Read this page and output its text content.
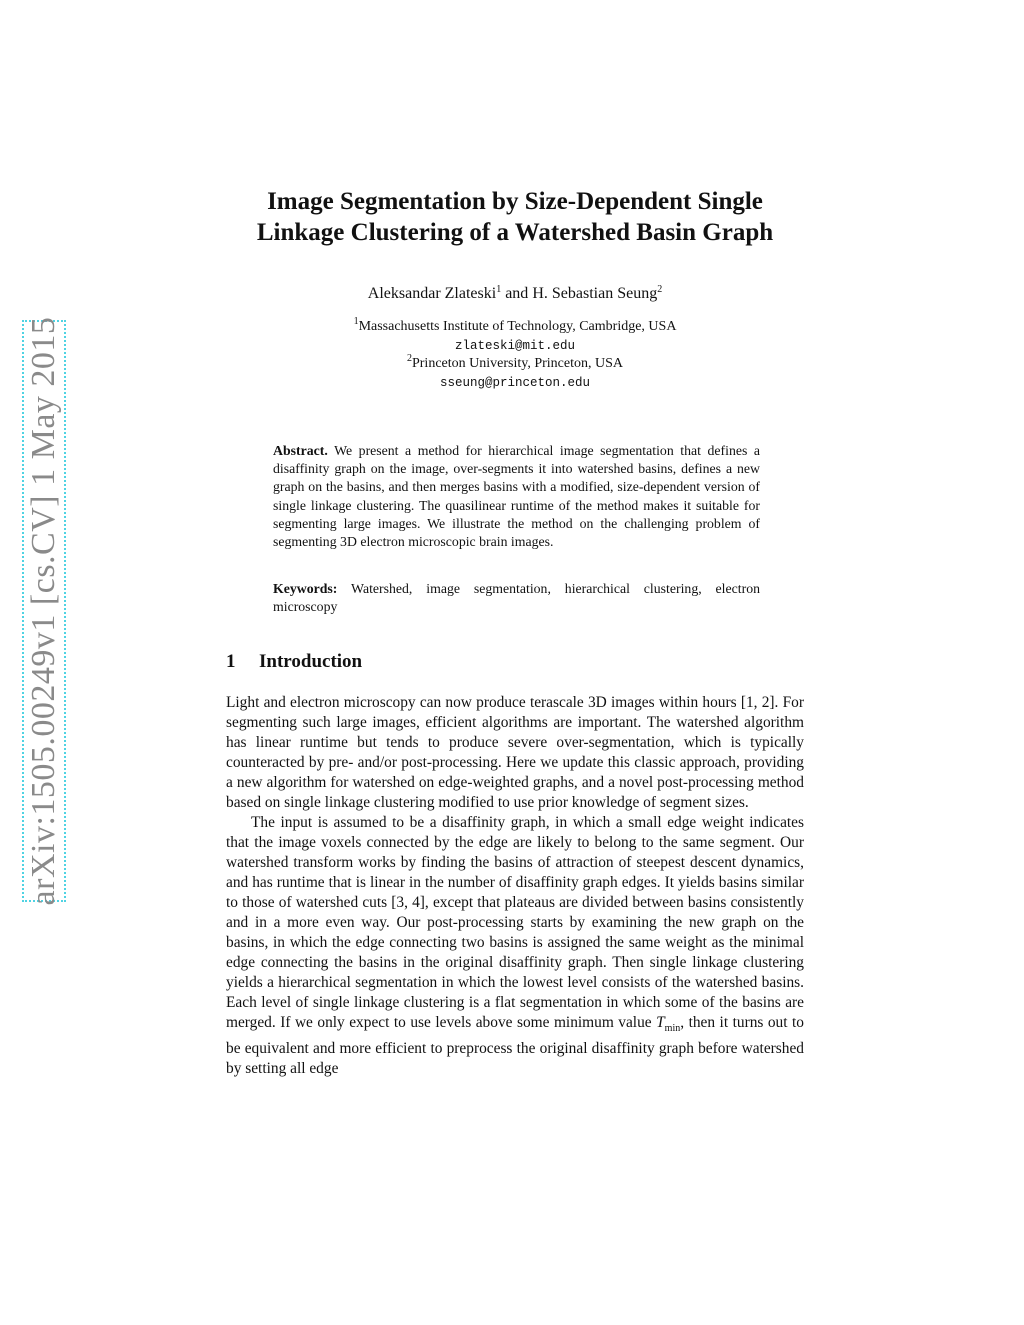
arXiv:1505.00249v1 [cs.CV] 1 May 2015
Image Segmentation by Size-Dependent Single
Linkage Clustering of a Watershed Basin Graph
Aleksandar Zlateski$^1$ and H. Sebastian Seung$^2$
$^1$Massachusetts Institute of Technology, Cambridge, USA
zlateski@mit.edu
$^2$Princeton University, Princeton, USA
sseung@princeton.edu
Abstract. We present a method for hierarchical image segmentation that defines a disaffinity graph on the image, over-segments it into watershed basins, defines a new graph on the basins, and then merges basins with a modified, size-dependent version of single linkage clustering. The quasilinear runtime of the method makes it suitable for segmenting large images. We illustrate the method on the challenging problem of segmenting 3D electron microscopic brain images.
Keywords: Watershed, image segmentation, hierarchical clustering, electron microscopy
1 Introduction

Light and electron microscopy can now produce terascale 3D images within hours [1, 2]. For segmenting such large images, efficient algorithms are important. The watershed algorithm has linear runtime but tends to produce severe over-segmentation, which is typically counteracted by pre- and/or post-processing. Here we update this classic approach, providing a new algorithm for watershed on edge-weighted graphs, and a novel post-processing method based on single linkage clustering modified to use prior knowledge of segment sizes.

The input is assumed to be a disaffinity graph, in which a small edge weight indicates that the image voxels connected by the edge are likely to belong to the same segment. Our watershed transform works by finding the basins of attraction of steepest descent dynamics, and has runtime that is linear in the number of disaffinity graph edges. It yields basins similar to those of watershed cuts [3, 4], except that plateaus are divided between basins consistently and in a more even way. Our post-processing starts by examining the new graph on the basins, in which the edge connecting two basins is assigned the same weight as the minimal edge connecting the basins in the original disaffinity graph. Then single linkage clustering yields a hierarchical segmentation in which the lowest level consists of the watershed basins. Each level of single linkage clustering is a flat segmentation in which some of the basins are merged. If we only expect to use levels above some minimum value $T_{min}$, then it turns out to be equivalent and more efficient to preprocess the original disaffinity graph before watershed by setting all edge
